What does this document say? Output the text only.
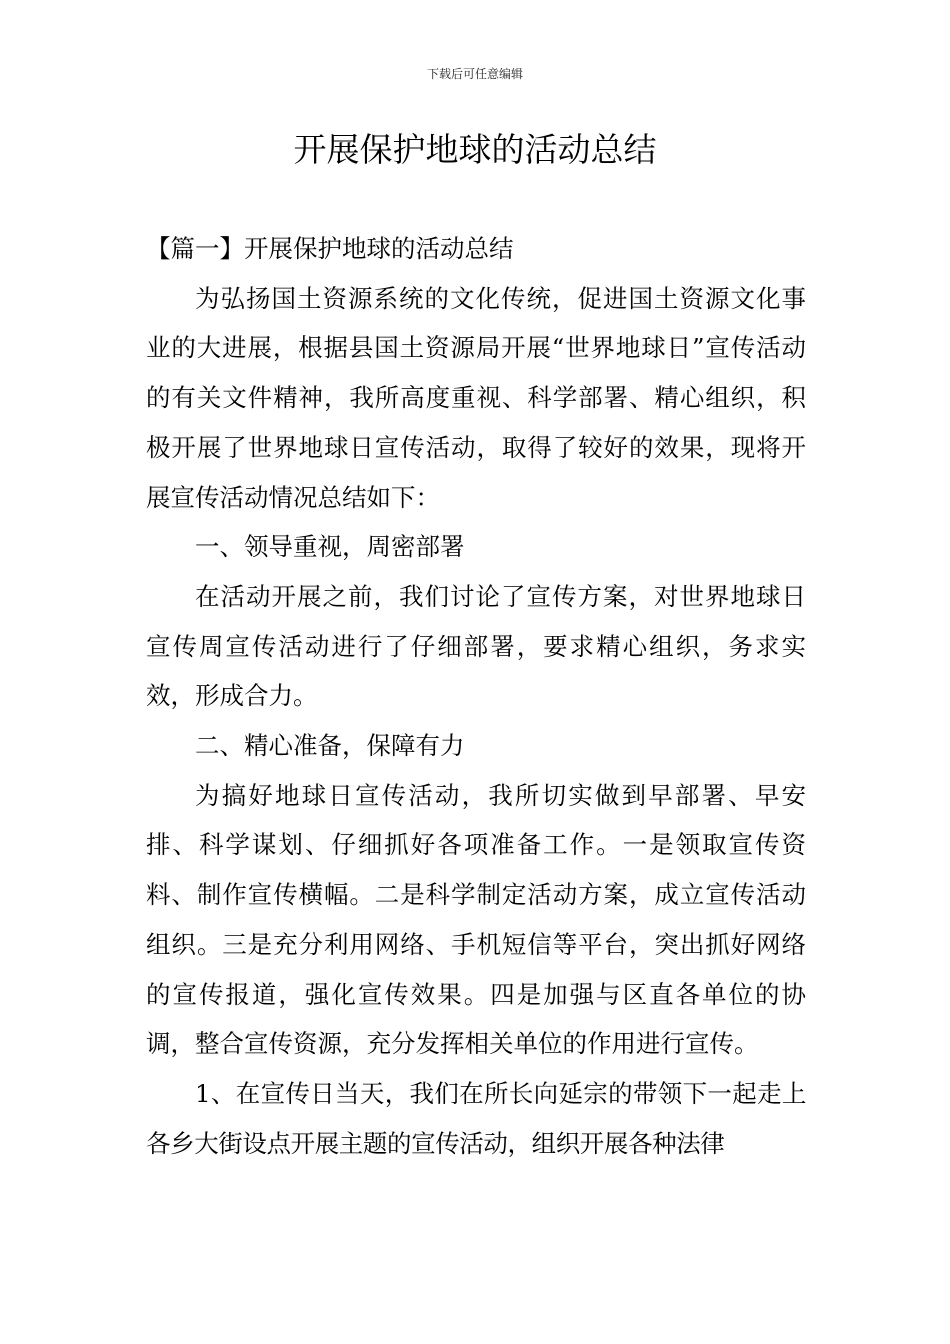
下载后可任意编辑
开展保护地球的活动总结

【篇一】开展保护地球的活动总结

为弘扬国土资源系统的文化传统，促进国土资源文化事业的大进展，根据县国土资源局开展“世界地球日”宣传活动的有关文件精神，我所高度重视、科学部署、精心组织，积极开展了世界地球日宣传活动，取得了较好的效果，现将开展宣传活动情况总结如下：

一、领导重视，周密部署

在活动开展之前，我们讨论了宣传方案，对世界地球日宣传周宣传活动进行了仔细部署，要求精心组织，务求实效，形成合力。

二、精心准备，保障有力

为搞好地球日宣传活动，我所切实做到早部署、早安排、科学谋划、仔细抓好各项准备工作。一是领取宣传资料、制作宣传横幅。二是科学制定活动方案，成立宣传活动组织。三是充分利用网络、手机短信等平台，突出抓好网络的宣传报道，强化宣传效果。四是加强与区直各单位的协调，整合宣传资源，充分发挥相关单位的作用进行宣传。

1、在宣传日当天，我们在所长向延宗的带领下一起走上各乡大街设点开展主题的宣传活动，组织开展各种法律
